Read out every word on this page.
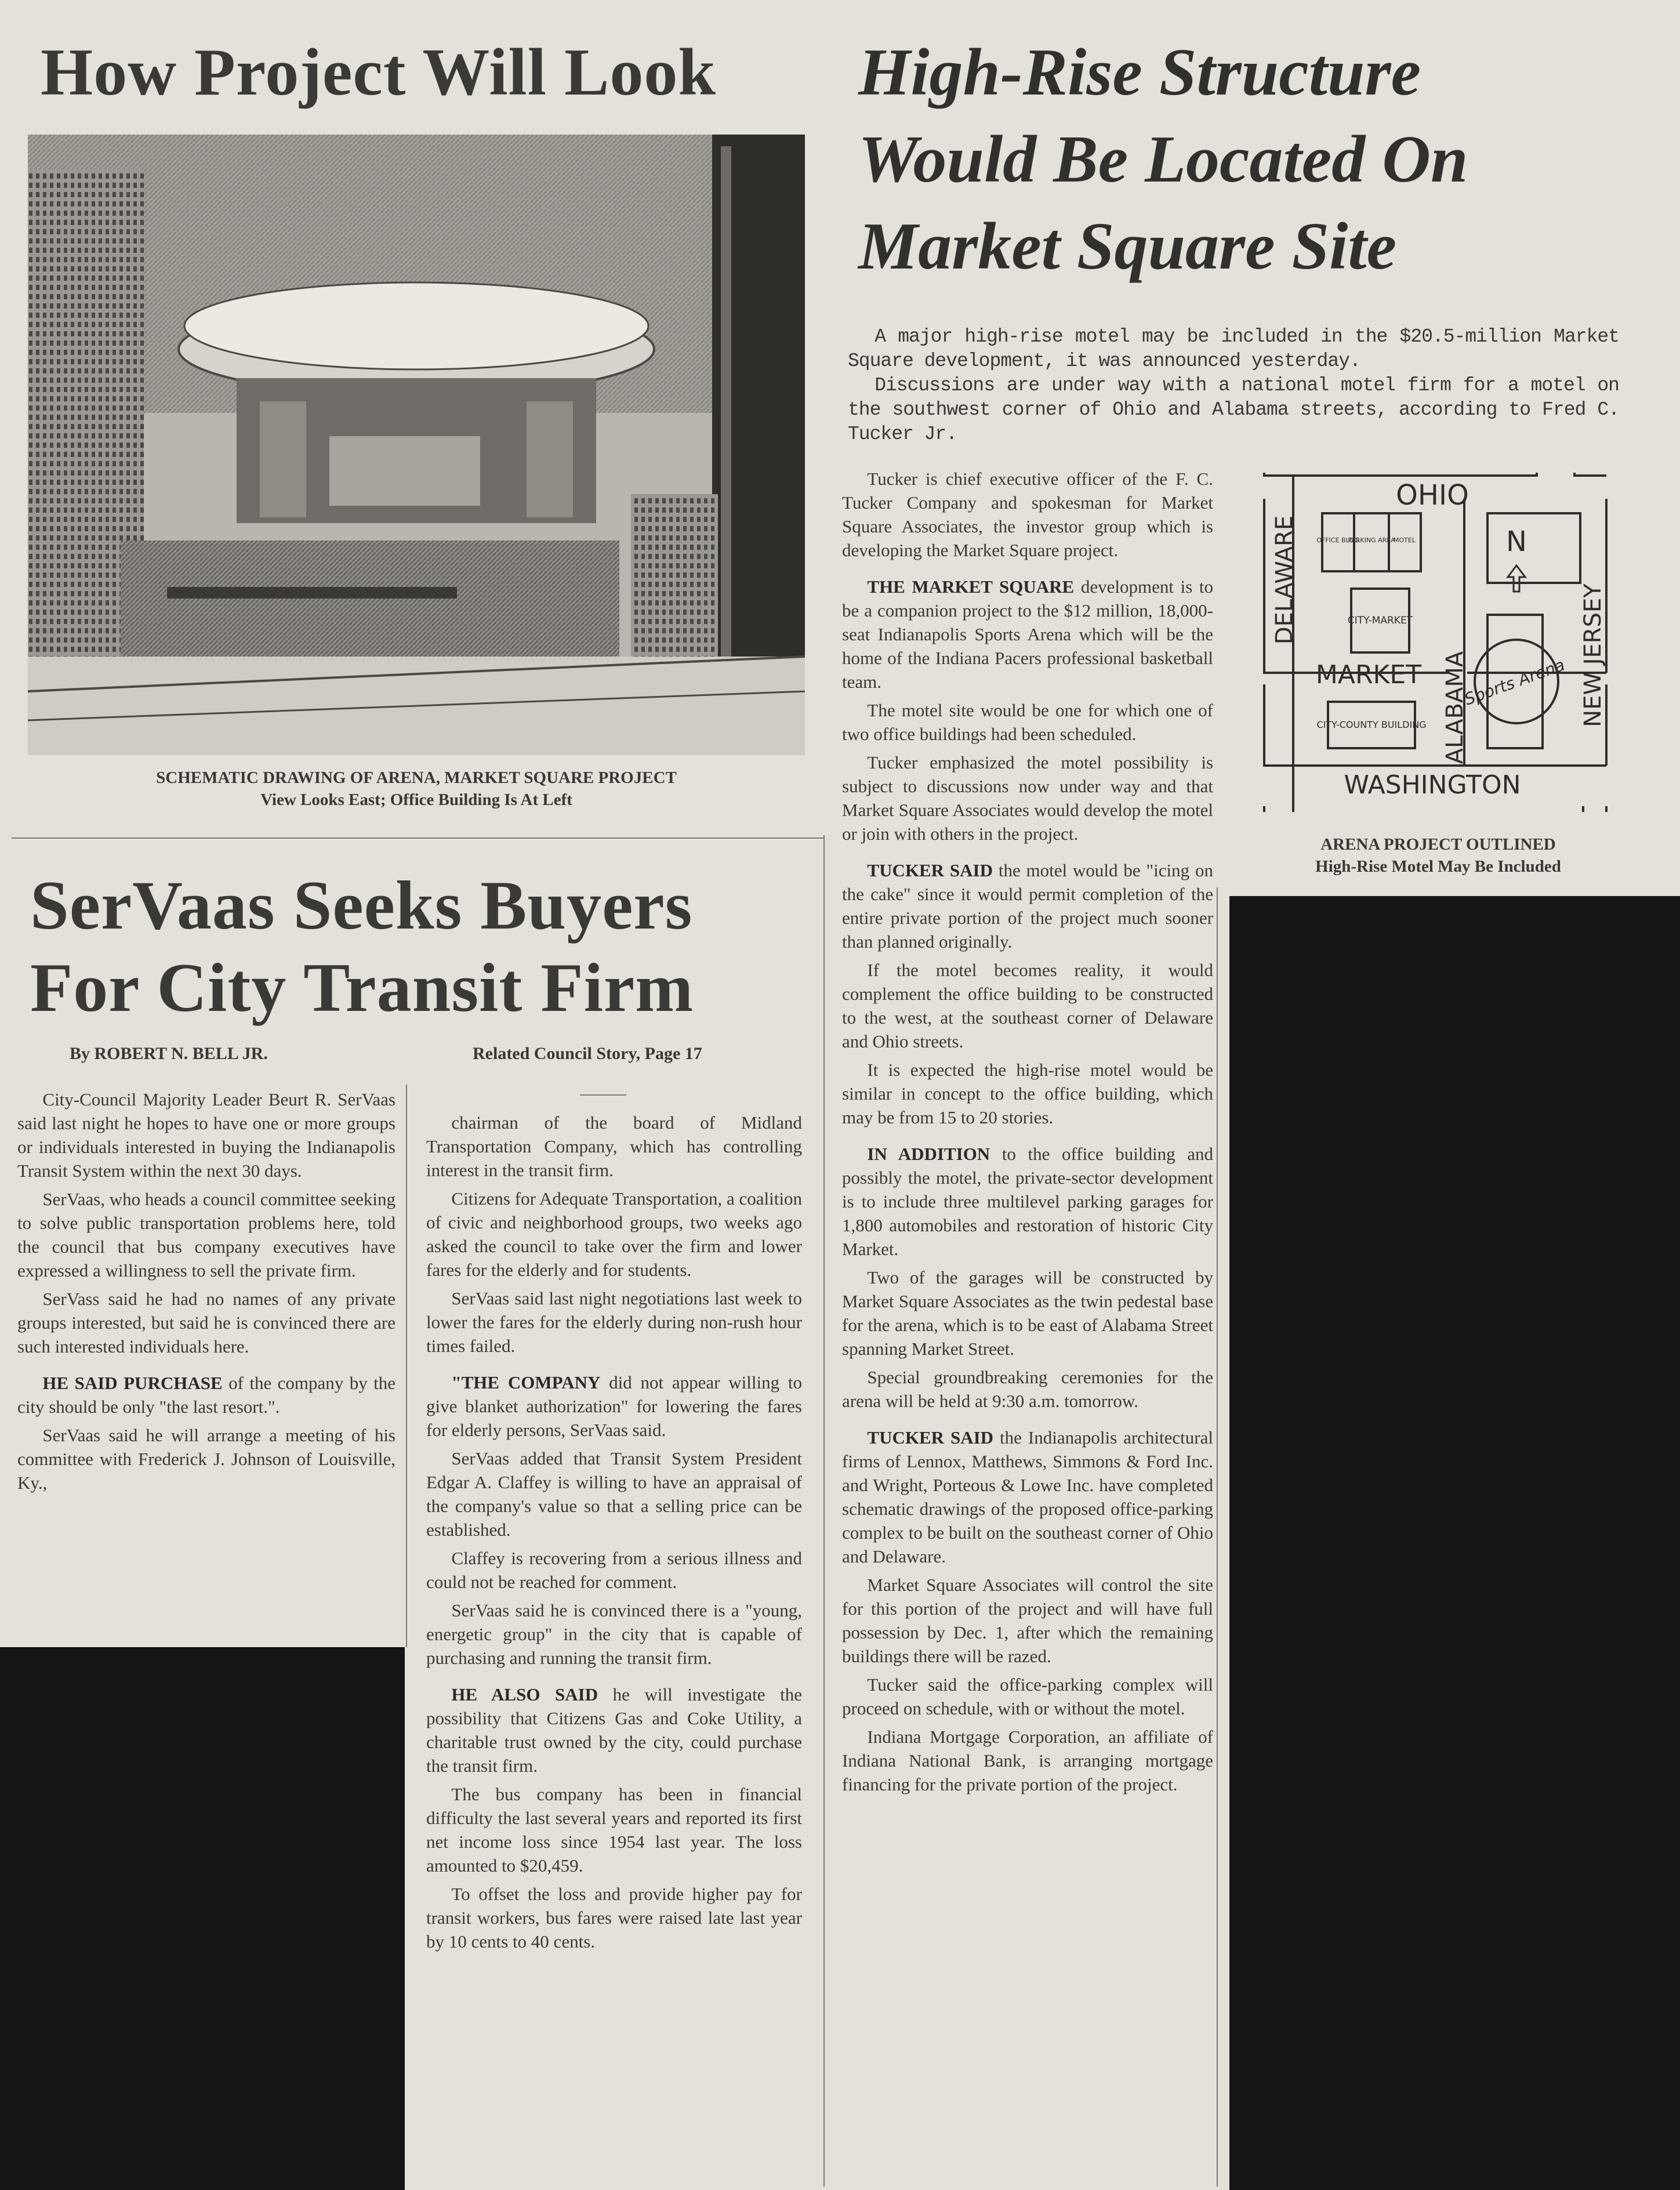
How Project Will Look
SCHEMATIC DRAWING OF ARENA, MARKET SQUARE PROJECT
View Looks East; Office Building Is At Left
High-Rise Structure
Would Be Located On
Market Square Site

A major high-rise motel may be included in the $20.5-million Market Square development, it was announced yesterday.

Discussions are under way with a national motel firm for a motel on the southwest corner of Ohio and Alabama streets, according to Fred C. Tucker Jr.

OHIO
MARKET
WASHINGTON
DELAWARE
ALABAMA	NEW JERSEY
N
OFFICE BLDG
PARKING AREA
MOTEL
CITY-MARKET
CITY-COUNTY BUILDING
Sports Arena
ARENA PROJECT OUTLINED
High-Rise Motel May Be Included

Tucker is chief executive officer of the F. C. Tucker Company and spokesman for Market Square Associates, the investor group which is developing the Market Square project.

THE MARKET SQUARE development is to be a companion project to the $12 million, 18,000-seat Indianapolis Sports Arena which will be the home of the Indiana Pacers professional basketball team.

The motel site would be one for which one of two office buildings had been scheduled.

Tucker emphasized the motel possibility is subject to discussions now under way and that Market Square Associates would develop the motel or join with others in the project.

TUCKER SAID the motel would be "icing on the cake" since it would permit completion of the entire private portion of the project much sooner than planned originally.

If the motel becomes reality, it would complement the office building to be constructed to the west, at the southeast corner of Delaware and Ohio streets.

It is expected the high-rise motel would be similar in concept to the office building, which may be from 15 to 20 stories.

IN ADDITION to the office building and possibly the motel, the private-sector development is to include three multilevel parking garages for 1,800 automobiles and restoration of historic City Market.

Two of the garages will be constructed by Market Square Associates as the twin pedestal base for the arena, which is to be east of Alabama Street spanning Market Street.

Special groundbreaking ceremonies for the arena will be held at 9:30 a.m. tomorrow.

TUCKER SAID the Indianapolis architectural firms of Lennox, Matthews, Simmons & Ford Inc. and Wright, Porteous & Lowe Inc. have completed schematic drawings of the proposed office-parking complex to be built on the southeast corner of Ohio and Delaware.

Market Square Associates will control the site for this portion of the project and will have full possession by Dec. 1, after which the remaining buildings there will be razed.

Tucker said the office-parking complex will proceed on schedule, with or without the motel.

Indiana Mortgage Corporation, an affiliate of Indiana National Bank, is arranging mortgage financing for the private portion of the project.

SerVaas Seeks Buyers
For City Transit Firm
By ROBERT N. BELL JR.	Related Council Story, Page 17

City-Council Majority Leader Beurt R. SerVaas said last night he hopes to have one or more groups or individuals interested in buying the Indianapolis Transit System within the next 30 days.

SerVaas, who heads a council committee seeking to solve public transportation problems here, told the council that bus company executives have expressed a willingness to sell the private firm.

SerVass said he had no names of any private groups interested, but said he is convinced there are such interested individuals here.

HE SAID PURCHASE of the company by the city should be only "the last resort.".

SerVaas said he will arrange a meeting of his committee with Frederick J. Johnson of Louisville, Ky.,

chairman of the board of Midland Transportation Company, which has controlling interest in the transit firm.

Citizens for Adequate Transportation, a coalition of civic and neighborhood groups, two weeks ago asked the council to take over the firm and lower fares for the elderly and for students.

SerVaas said last night negotiations last week to lower the fares for the elderly during non-rush hour times failed.

"THE COMPANY did not appear willing to give blanket authorization" for lowering the fares for elderly persons, SerVaas said.

SerVaas added that Transit System President Edgar A. Claffey is willing to have an appraisal of the company's value so that a selling price can be established.

Claffey is recovering from a serious illness and could not be reached for comment.

SerVaas said he is convinced there is a "young, energetic group" in the city that is capable of purchasing and running the transit firm.

HE ALSO SAID he will investigate the possibility that Citizens Gas and Coke Utility, a charitable trust owned by the city, could purchase the transit firm.

The bus company has been in financial difficulty the last several years and reported its first net income loss since 1954 last year. The loss amounted to $20,459.

To offset the loss and provide higher pay for transit workers, bus fares were raised late last year by 10 cents to 40 cents.
